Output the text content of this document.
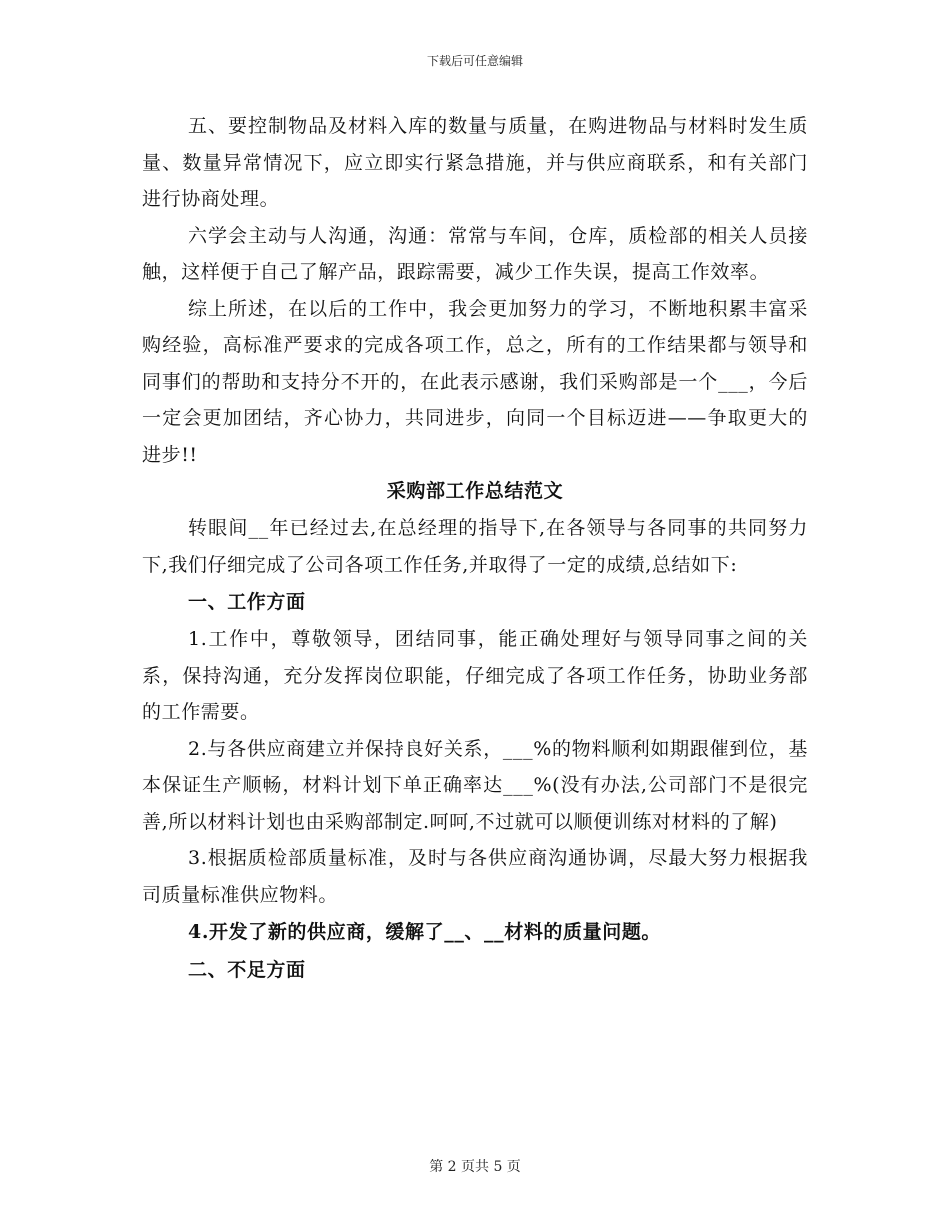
下载后可任意编辑

五、要控制物品及材料入库的数量与质量，在购进物品与材料时发生质量、数量异常情况下，应立即实行紧急措施，并与供应商联系，和有关部门进行协商处理。

六学会主动与人沟通，沟通：常常与车间，仓库，质检部的相关人员接触，这样便于自己了解产品，跟踪需要，减少工作失误，提高工作效率。

综上所述，在以后的工作中，我会更加努力的学习，不断地积累丰富采购经验，高标准严要求的完成各项工作，总之，所有的工作结果都与领导和同事们的帮助和支持分不开的，在此表示感谢，我们采购部是一个___，今后一定会更加团结，齐心协力，共同进步，向同一个目标迈进——争取更大的进步!!

采购部工作总结范文

转眼间__年已经过去,在总经理的指导下,在各领导与各同事的共同努力下,我们仔细完成了公司各项工作任务,并取得了一定的成绩,总结如下:

一、工作方面

1.工作中，尊敬领导，团结同事，能正确处理好与领导同事之间的关系，保持沟通，充分发挥岗位职能，仔细完成了各项工作任务，协助业务部的工作需要。

2.与各供应商建立并保持良好关系，___%的物料顺利如期跟催到位，基本保证生产顺畅，材料计划下单正确率达___%(没有办法,公司部门不是很完善,所以材料计划也由采购部制定.呵呵,不过就可以顺便训练对材料的了解)

3.根据质检部质量标准，及时与各供应商沟通协调，尽最大努力根据我司质量标准供应物料。

4.开发了新的供应商，缓解了__、__材料的质量问题。

二、不足方面

第 2 页共 5 页
